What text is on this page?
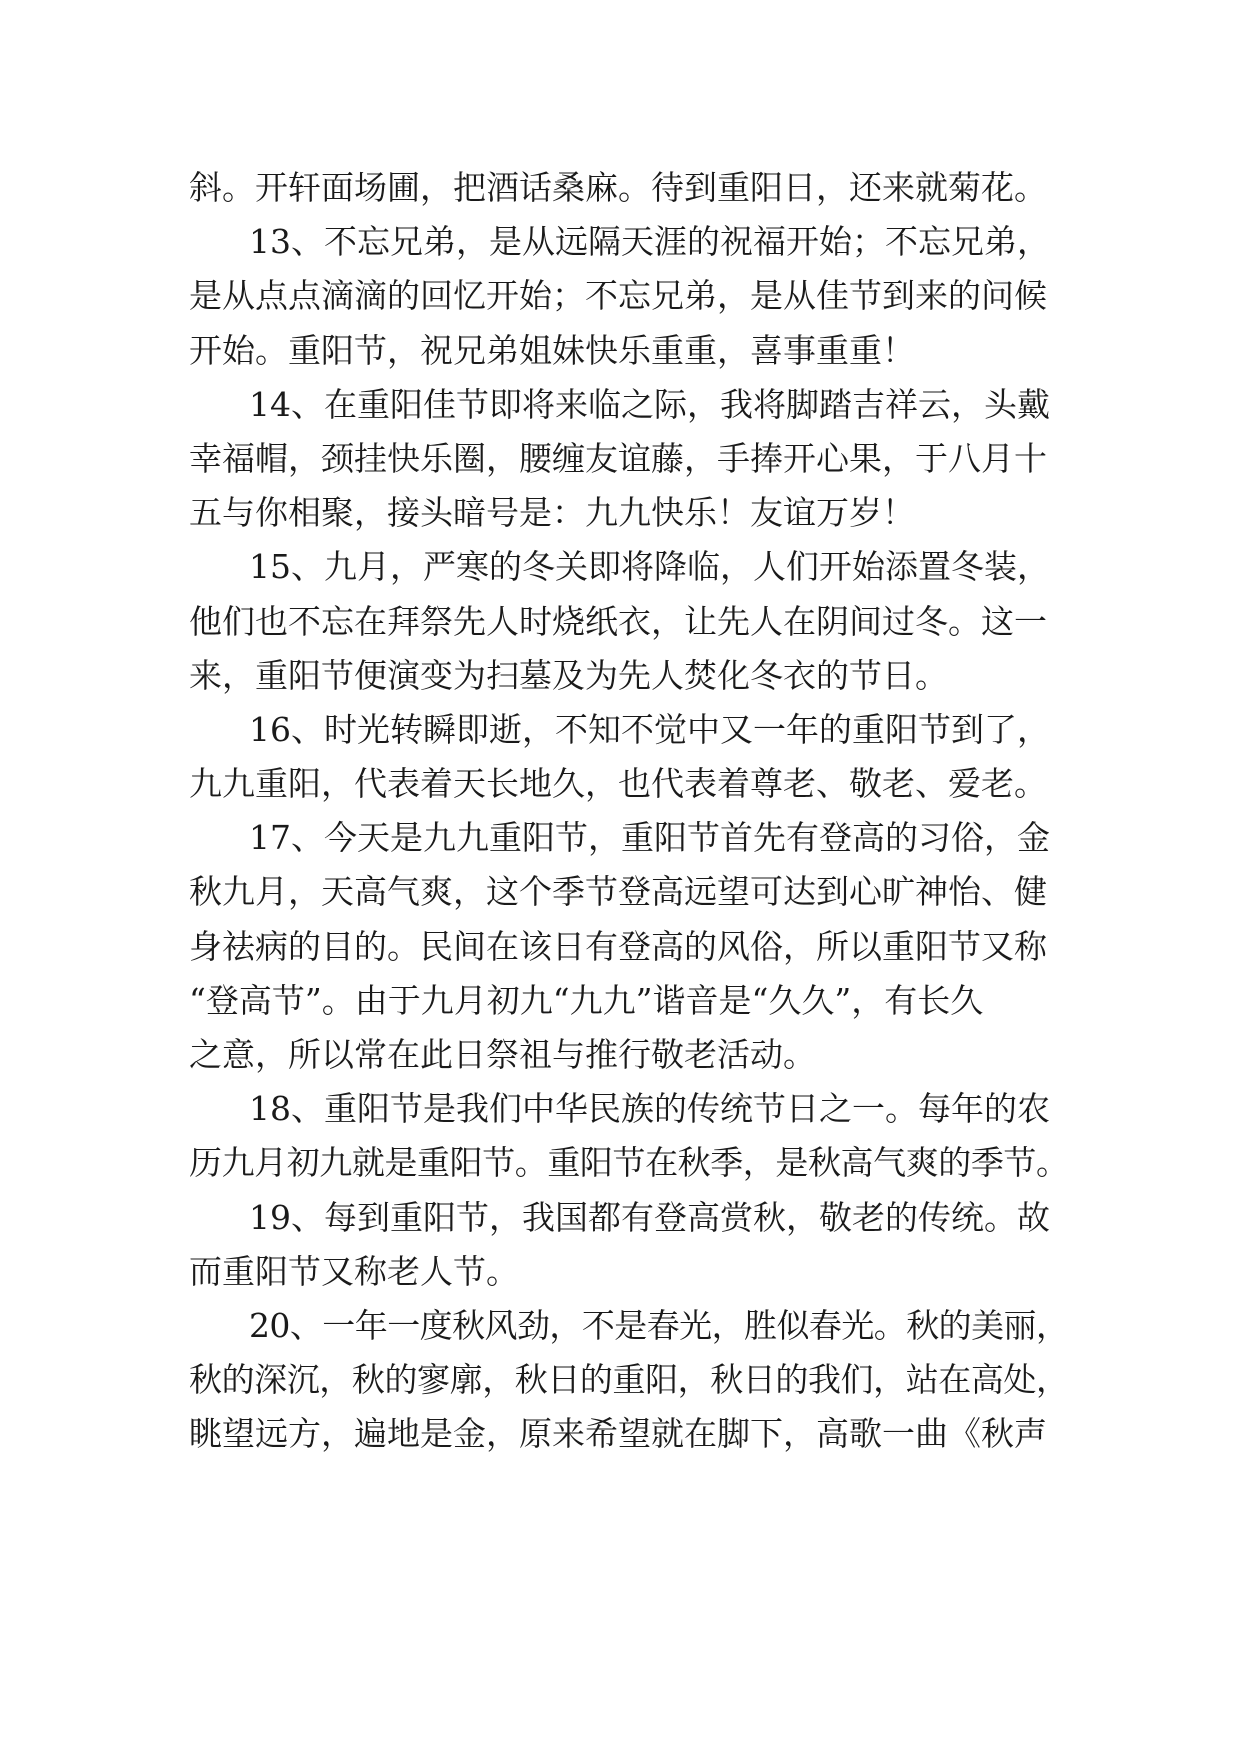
斜。开轩面场圃，把酒话桑麻。待到重阳日，还来就菊花。
13、不忘兄弟，是从远隔天涯的祝福开始；不忘兄弟，
是从点点滴滴的回忆开始；不忘兄弟，是从佳节到来的问候
开始。重阳节，祝兄弟姐妹快乐重重，喜事重重！
14、在重阳佳节即将来临之际，我将脚踏吉祥云，头戴
幸福帽，颈挂快乐圈，腰缠友谊藤，手捧开心果，于八月十
五与你相聚，接头暗号是：九九快乐！友谊万岁！
15、九月，严寒的冬关即将降临，人们开始添置冬装，
他们也不忘在拜祭先人时烧纸衣，让先人在阴间过冬。这一
来，重阳节便演变为扫墓及为先人焚化冬衣的节日。
16、时光转瞬即逝，不知不觉中又一年的重阳节到了，
九九重阳，代表着天长地久，也代表着尊老、敬老、爱老。
17、今天是九九重阳节，重阳节首先有登高的习俗，金
秋九月，天高气爽，这个季节登高远望可达到心旷神怡、健
身祛病的目的。民间在该日有登高的风俗，所以重阳节又称
“登高节”。由于九月初九“九九”谐音是“久久”，有长久
之意，所以常在此日祭祖与推行敬老活动。
18、重阳节是我们中华民族的传统节日之一。每年的农
历九月初九就是重阳节。重阳节在秋季，是秋高气爽的季节。
19、每到重阳节，我国都有登高赏秋，敬老的传统。故
而重阳节又称老人节。
20、一年一度秋风劲，不是春光，胜似春光。秋的美丽，
秋的深沉，秋的寥廓，秋日的重阳，秋日的我们，站在高处，
眺望远方，遍地是金，原来希望就在脚下，高歌一曲《秋声
